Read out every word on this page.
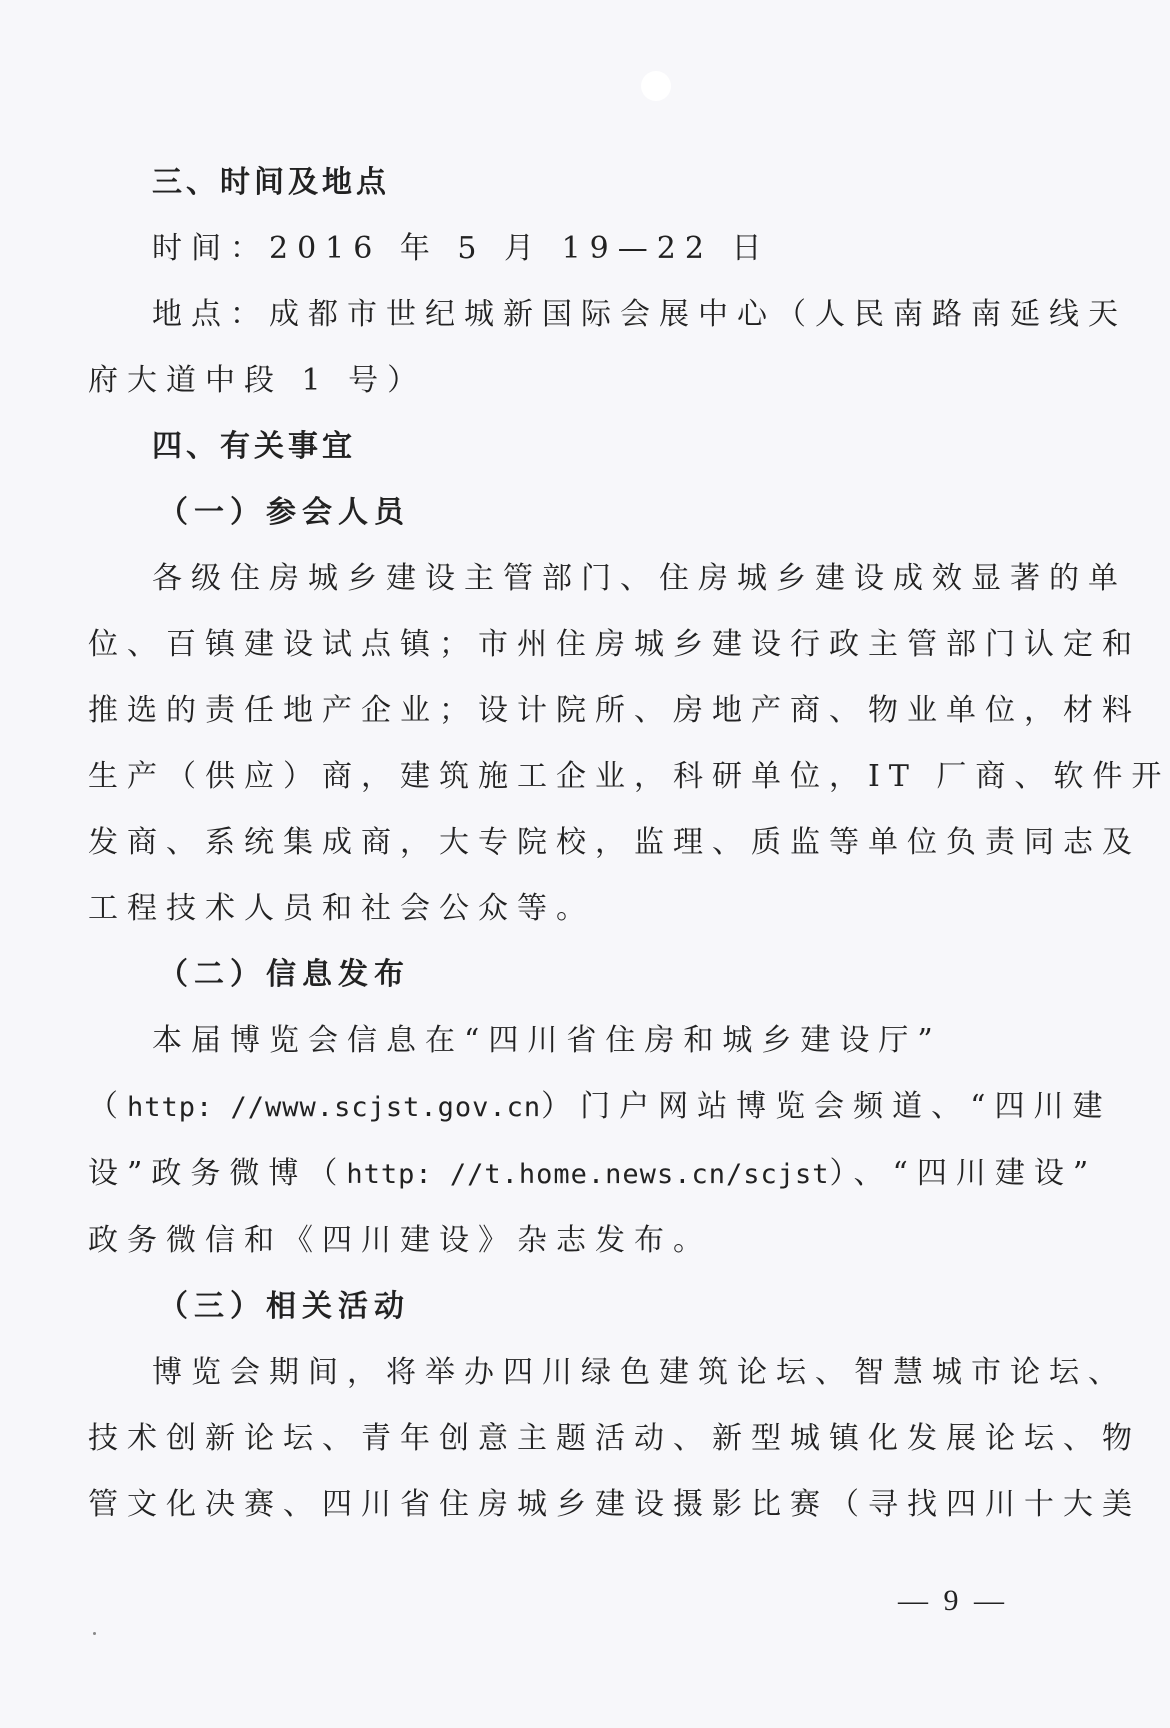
三、时间及地点
时间：2016 年 5 月 19—22 日
地点：成都市世纪城新国际会展中心（人民南路南延线天
府大道中段 1 号）
四、有关事宜
（一）参会人员
各级住房城乡建设主管部门、住房城乡建设成效显著的单
位、百镇建设试点镇；市州住房城乡建设行政主管部门认定和
推选的责任地产企业；设计院所、房地产商、物业单位，材料
生产（供应）商，建筑施工企业，科研单位，IT 厂商、软件开
发商、系统集成商，大专院校，监理、质监等单位负责同志及
工程技术人员和社会公众等。
（二）信息发布
本届博览会信息在“四川省住房和城乡建设厅”
（http: //www.scjst.gov.cn）门户网站博览会频道、“四川建
设”政务微博（http: //t.home.news.cn/scjst）、“四川建设”
政务微信和《四川建设》杂志发布。
（三）相关活动
博览会期间，将举办四川绿色建筑论坛、智慧城市论坛、
技术创新论坛、青年创意主题活动、新型城镇化发展论坛、物
管文化决赛、四川省住房城乡建设摄影比赛（寻找四川十大美
— 9 —
